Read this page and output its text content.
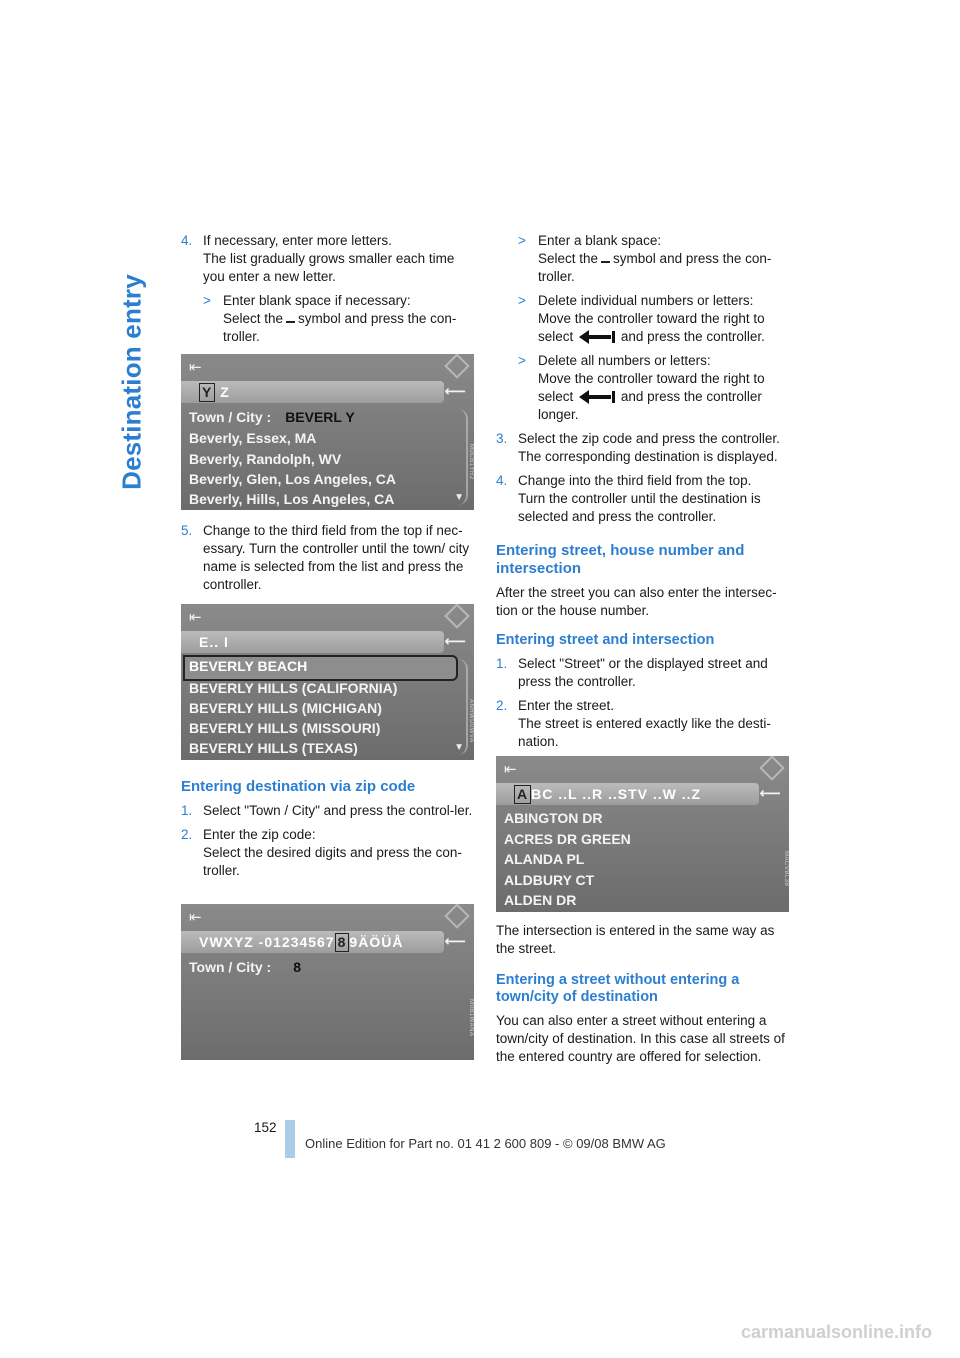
Destination entry
4. If necessary, enter more letters.

The list gradually grows smaller each time you enter a new letter.

> Enter blank space if necessary:

Select the symbol and press the con-troller.

⇤
Y Z	⟵
Town / City : BEVERL Y
Beverly, Essex, MA
Beverly, Randolph, WV
Beverly, Glen, Los Angeles, CA
Beverly, Hills, Los Angeles, CA	▼
M0CB1YR2
5. Change to the third field from the top if nec-essary. Turn the controller until the town/ city name is selected from the list and press the controller.

⇤
E.. I	⟵
BEVERLY BEACH
BEVERLY HILLS (CALIFORNIA)
BEVERLY HILLS (MICHIGAN)
BEVERLY HILLS (MISSOURI)
BEVERLY HILLS (TEXAS)	▼
ANRWD0WVA
Entering destination via zip code
1. Select "Town / City" and press the control-ler.

2. Enter the zip code:

Select the desired digits and press the con-troller.

⇤
VWXYZ -01234567 8 9ÄÖÜÅ	⟵
Town / City : 8
M0B1WANA
> Enter a blank space:

Select the symbol and press the con-troller.

> Delete individual numbers or letters:

Move the controller toward the right to

select	and press the controller.

> Delete all numbers or letters:

Move the controller toward the right to

select	and press the controller longer.

3. Select the zip code and press the controller.

The corresponding destination is displayed.

4. Change into the third field from the top.

Turn the controller until the destination is selected and press the controller.

Entering street, house number and intersection

After the street you can also enter the intersec-tion or the house number.

Entering street and intersection
1. Select "Street" or the displayed street and press the controller.

2. Enter the street.

The street is entered exactly like the desti-nation.

⇤
A BC ..L ..R ..STV ..W ..Z	⟵
ABINGTON DR
ACRES DR GREEN
ALANDA PL
ALDBURY CT
ALDEN DR
MACVBL38

The intersection is entered in the same way as the street.

Entering a street without entering a town/city of destination

You can also enter a street without entering a town/city of destination. In this case all streets of the entered country are offered for selection.

152
Online Edition for Part no. 01 41 2 600 809 - © 09/08 BMW AG
carmanualsonline.info
